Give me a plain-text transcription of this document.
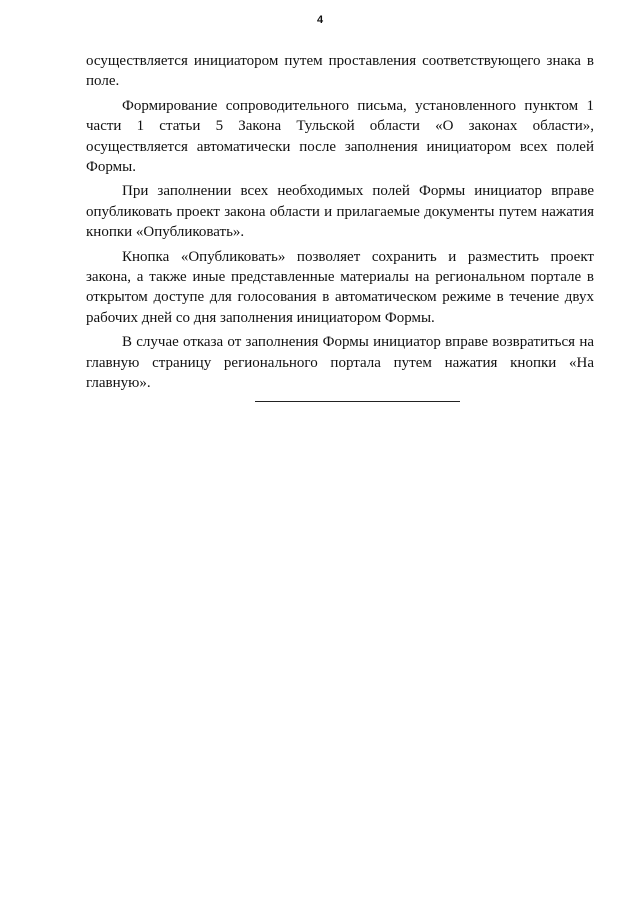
4

осуществляется инициатором путем проставления соответствующего знака в поле.

Формирование сопроводительного письма, установленного пунктом 1 части 1 статьи 5 Закона Тульской области «О законах области», осуществляется автоматически после заполнения инициатором всех полей Формы.

При заполнении всех необходимых полей Формы инициатор вправе опубликовать проект закона области и прилагаемые документы путем нажатия кнопки «Опубликовать».

Кнопка «Опубликовать» позволяет сохранить и разместить проект закона, а также иные представленные материалы на региональном портале в открытом доступе для голосования в автоматическом режиме в течение двух рабочих дней со дня заполнения инициатором Формы.

В случае отказа от заполнения Формы инициатор вправе возвратиться на главную страницу регионального портала путем нажатия кнопки «На главную».
